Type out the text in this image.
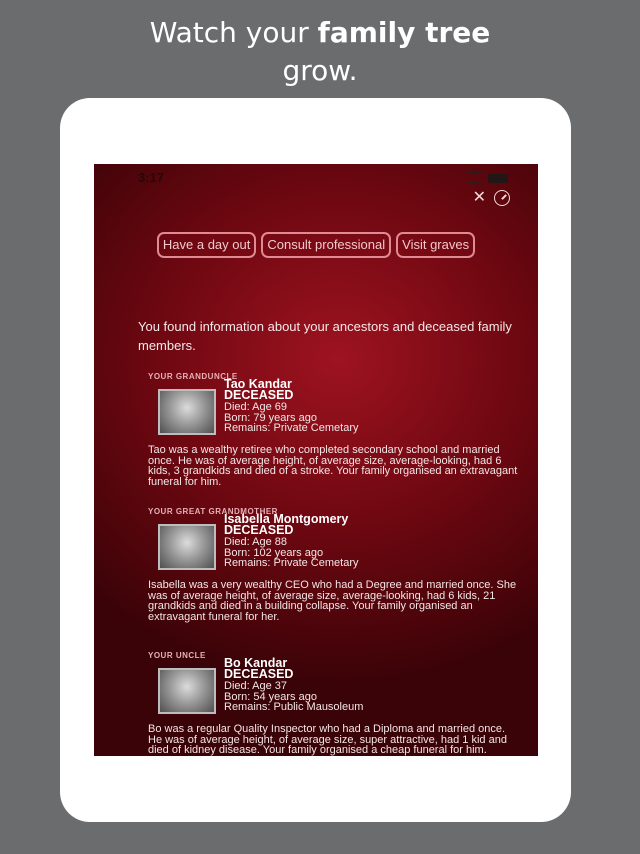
Watch your family tree
grow.
3:17
✕
Have a day out	Consult professional	Visit graves
You found information about your ancestors and deceased family members.
YOUR GRANDUNCLE
Tao Kandar
DECEASED
Died: Age 69
Born: 79 years ago
Remains: Private Cemetary
Tao was a wealthy retiree who completed secondary school and married once. He was of average height, of average size, average-looking, had 6 kids, 3 grandkids and died of a stroke. Your family organised an extravagant funeral for him.
YOUR GREAT GRANDMOTHER
Isabella Montgomery
DECEASED
Died: Age 88
Born: 102 years ago
Remains: Private Cemetary
Isabella was a very wealthy CEO who had a Degree and married once. She was of average height, of average size, average-looking, had 6 kids, 21 grandkids and died in a building collapse. Your family organised an extravagant funeral for her.
YOUR UNCLE
Bo Kandar
DECEASED
Died: Age 37
Born: 54 years ago
Remains: Public Mausoleum
Bo was a regular Quality Inspector who had a Diploma and married once. He was of average height, of average size, super attractive, had 1 kid and died of kidney disease. Your family organised a cheap funeral for him.
